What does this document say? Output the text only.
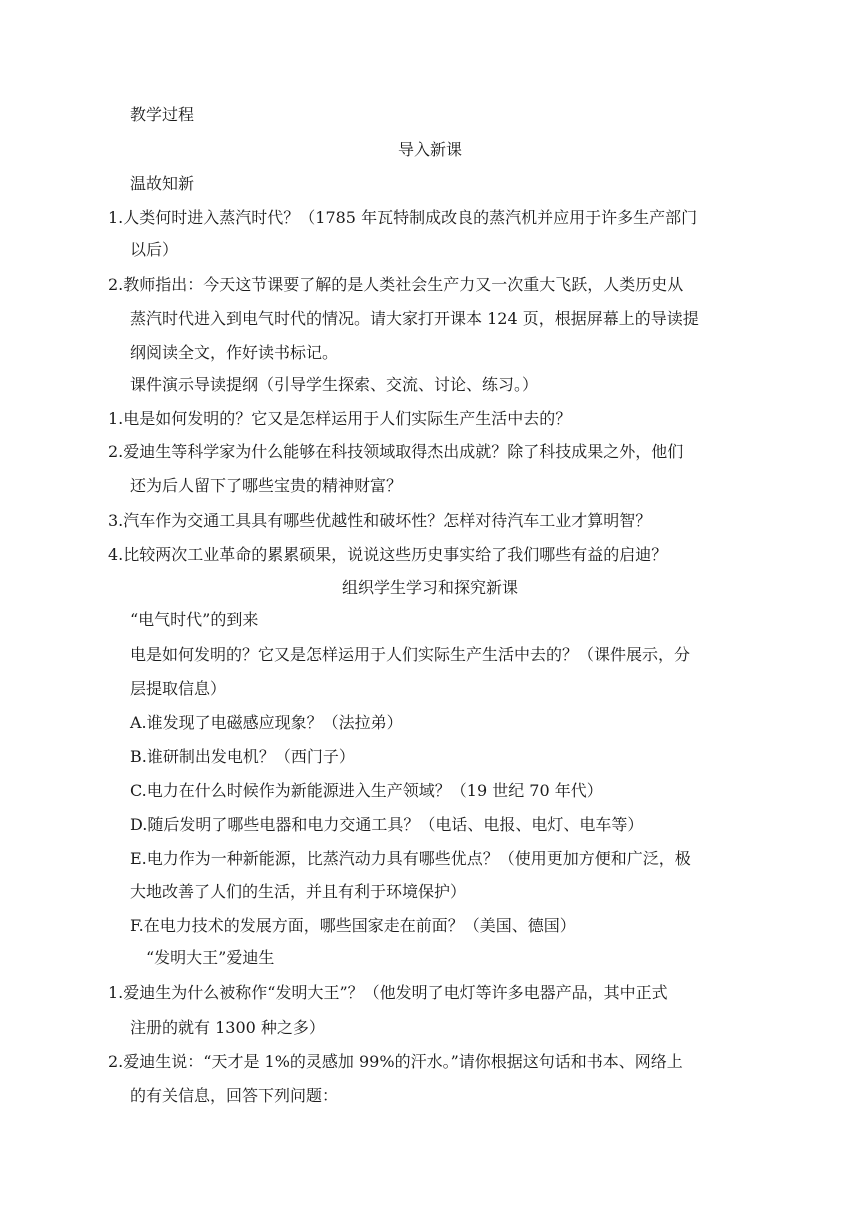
教学过程
导入新课
温故知新
1.人类何时进入蒸汽时代？（1785 年瓦特制成改良的蒸汽机并应用于许多生产部门
以后）
2.教师指出：今天这节课要了解的是人类社会生产力又一次重大飞跃，人类历史从
蒸汽时代进入到电气时代的情况。请大家打开课本 124 页，根据屏幕上的导读提
纲阅读全文，作好读书标记。
课件演示导读提纲（引导学生探索、交流、讨论、练习。）
1.电是如何发明的？它又是怎样运用于人们实际生产生活中去的？
2.爱迪生等科学家为什么能够在科技领域取得杰出成就？除了科技成果之外，他们
还为后人留下了哪些宝贵的精神财富？
3.汽车作为交通工具具有哪些优越性和破坏性？怎样对待汽车工业才算明智？
4.比较两次工业革命的累累硕果，说说这些历史事实给了我们哪些有益的启迪？
组织学生学习和探究新课
“电气时代”的到来
电是如何发明的？它又是怎样运用于人们实际生产生活中去的？（课件展示，分
层提取信息）
A.谁发现了电磁感应现象？（法拉弟）
B.谁研制出发电机？（西门子）
C.电力在什么时候作为新能源进入生产领域？（19 世纪 70 年代）
D.随后发明了哪些电器和电力交通工具？（电话、电报、电灯、电车等）
E.电力作为一种新能源，比蒸汽动力具有哪些优点？（使用更加方便和广泛，极
大地改善了人们的生活，并且有利于环境保护）
F.在电力技术的发展方面，哪些国家走在前面？（美国、德国）
“发明大王”爱迪生
1.爱迪生为什么被称作“发明大王”？（他发明了电灯等许多电器产品，其中正式
注册的就有 1300 种之多）
2.爱迪生说：“天才是 1%的灵感加 99%的汗水。”请你根据这句话和书本、网络上
的有关信息，回答下列问题：
